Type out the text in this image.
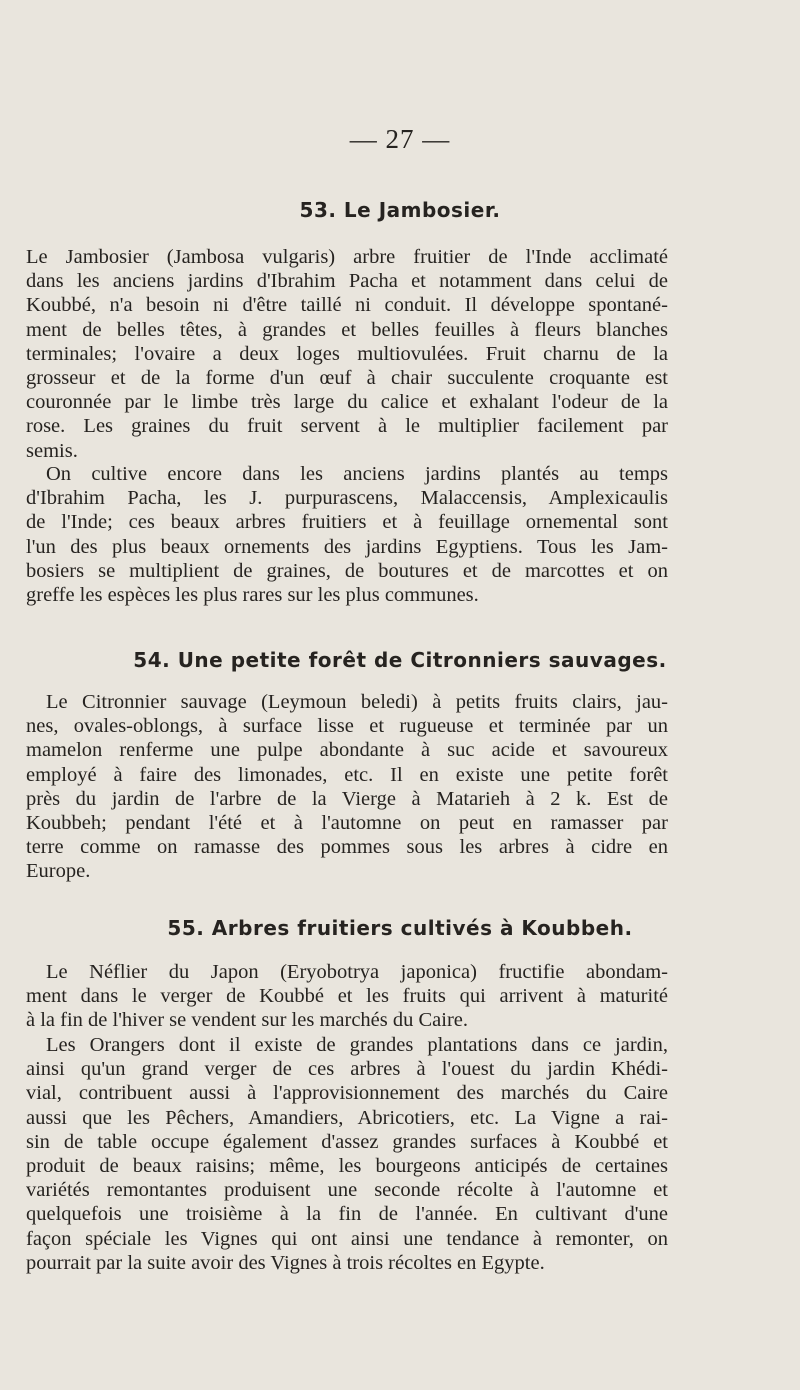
— 27 —
53. Le Jambosier.
Le Jambosier (Jambosa vulgaris) arbre fruitier de l'Inde acclimaté
dans les anciens jardins d'Ibrahim Pacha et notamment dans celui de
Koubbé, n'a besoin ni d'être taillé ni conduit. Il développe spontané-
ment de belles têtes, à grandes et belles feuilles à fleurs blanches
terminales; l'ovaire a deux loges multiovulées. Fruit charnu de la
grosseur et de la forme d'un œuf à chair succulente croquante est
couronnée par le limbe très large du calice et exhalant l'odeur de la
rose. Les graines du fruit servent à le multiplier facilement par
semis.
On cultive encore dans les anciens jardins plantés au temps
d'Ibrahim Pacha, les J. purpurascens, Malaccensis, Amplexicaulis
de l'Inde; ces beaux arbres fruitiers et à feuillage ornemental sont
l'un des plus beaux ornements des jardins Egyptiens. Tous les Jam-
bosiers se multiplient de graines, de boutures et de marcottes et on
greffe les espèces les plus rares sur les plus communes.
54. Une petite forêt de Citronniers sauvages.
Le Citronnier sauvage (Leymoun beledi) à petits fruits clairs, jau-
nes, ovales-oblongs, à surface lisse et rugueuse et terminée par un
mamelon renferme une pulpe abondante à suc acide et savoureux
employé à faire des limonades, etc. Il en existe une petite forêt
près du jardin de l'arbre de la Vierge à Matarieh à 2 k. Est de
Koubbeh; pendant l'été et à l'automne on peut en ramasser par
terre comme on ramasse des pommes sous les arbres à cidre en
Europe.
55. Arbres fruitiers cultivés à Koubbeh.
Le Néflier du Japon (Eryobotrya japonica) fructifie abondam-
ment dans le verger de Koubbé et les fruits qui arrivent à maturité
à la fin de l'hiver se vendent sur les marchés du Caire.
Les Orangers dont il existe de grandes plantations dans ce jardin,
ainsi qu'un grand verger de ces arbres à l'ouest du jardin Khédi-
vial, contribuent aussi à l'approvisionnement des marchés du Caire
aussi que les Pêchers, Amandiers, Abricotiers, etc. La Vigne a rai-
sin de table occupe également d'assez grandes surfaces à Koubbé et
produit de beaux raisins; même, les bourgeons anticipés de certaines
variétés remontantes produisent une seconde récolte à l'automne et
quelquefois une troisième à la fin de l'année. En cultivant d'une
façon spéciale les Vignes qui ont ainsi une tendance à remonter, on
pourrait par la suite avoir des Vignes à trois récoltes en Egypte.
